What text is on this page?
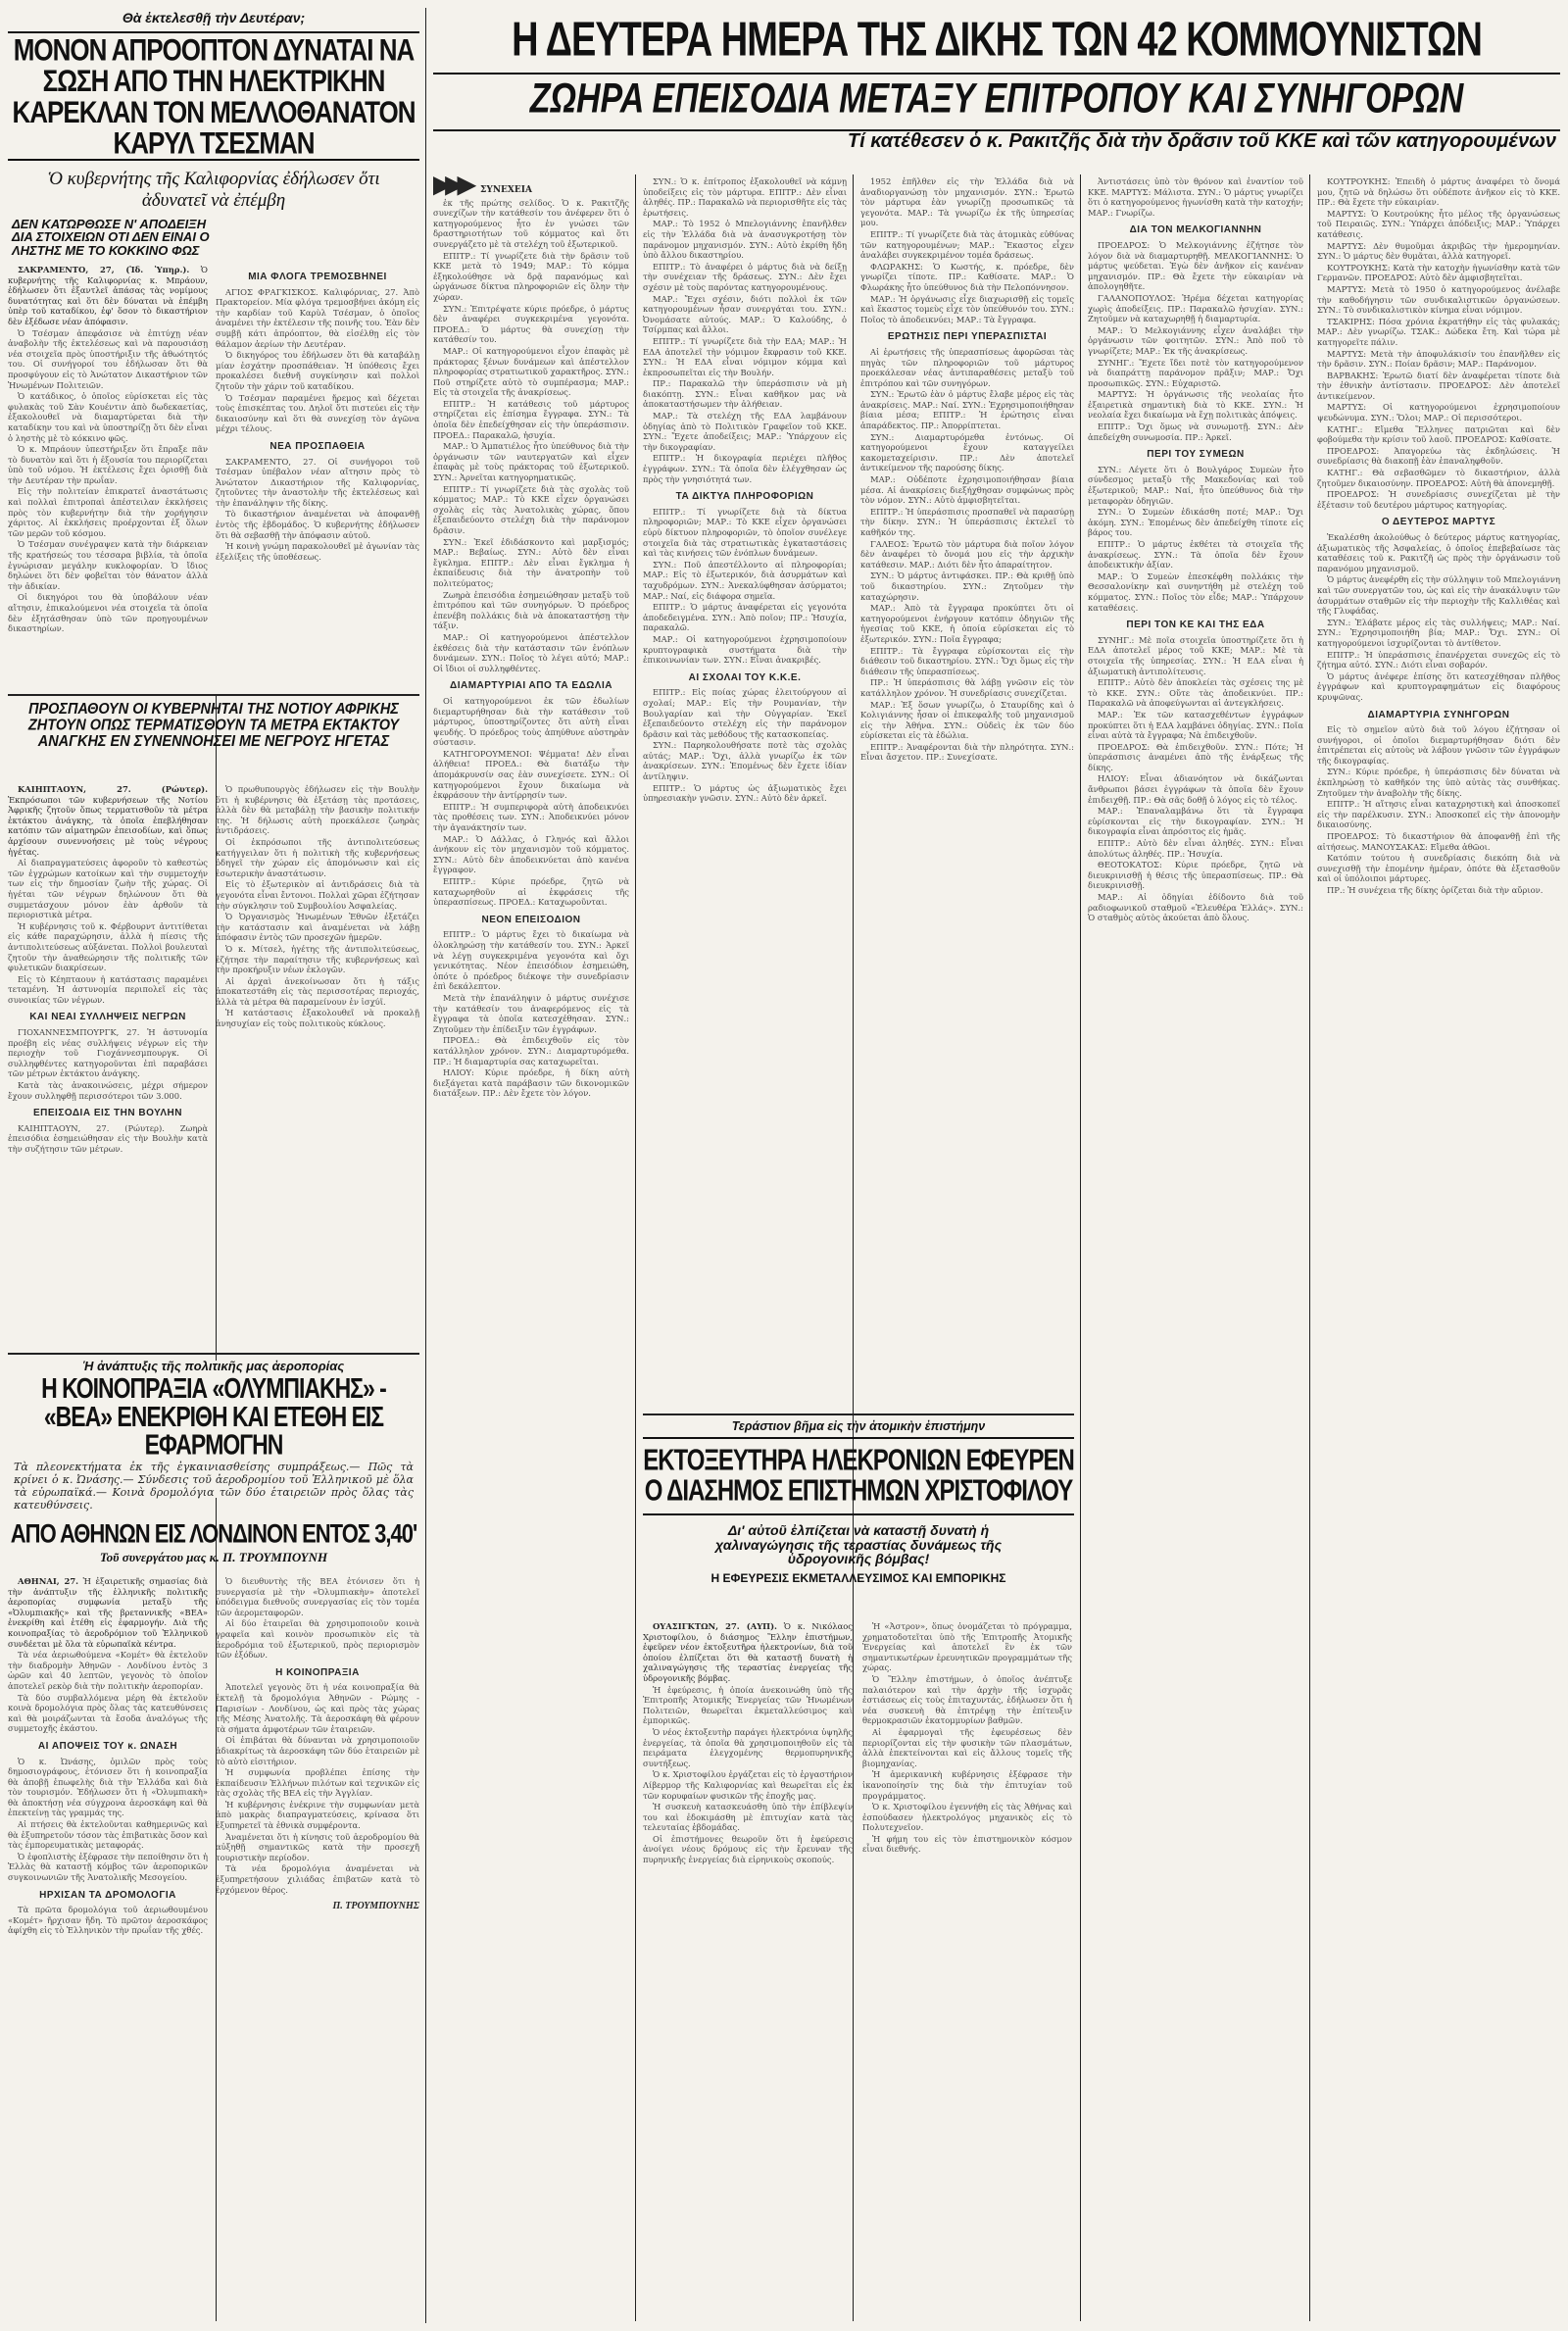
Θὰ ἐκτελεσθῇ τὴν Δευτέραν;
ΜΟΝΟΝ ΑΠΡΟΟΠΤΟΝ ΔΥΝΑΤΑΙ ΝΑ ΣΩΣΗ ΑΠΟ ΤΗΝ ΗΛΕΚΤΡΙΚΗΝ ΚΑΡΕΚΛΑΝ ΤΟΝ ΜΕΛΛΟΘΑΝΑΤΟΝ ΚΑΡΥΛ ΤΣΕΣΜΑΝ
Ὁ κυβερνήτης τῆς Καλιφορνίας ἐδήλωσεν ὅτι ἀδυνατεῖ νὰ ἐπέμβη
ΔΕΝ ΚΑΤΩΡΘΩΣΕ Ν' ΑΠΟΔΕΙΞΗ ΔΙΑ ΣΤΟΙΧΕΙΩΝ ΟΤΙ ΔΕΝ ΕΙΝΑΙ Ο ΛΗΣΤΗΣ ΜΕ ΤΟ ΚΟΚΚΙΝΟ ΦΩΣ

ΣΑΚΡΑΜΕΝΤΟ, 27, (Ἰδ. Ὑπηρ.). Ὁ κυβερνήτης τῆς Καλιφορνίας κ. Μπράουν, ἐδήλωσεν ὅτι ἐξαντλεῖ ἀπάσας τὰς νομίμους δυνατότητας καὶ ὅτι δὲν δύναται νὰ ἐπέμβη ὑπὲρ τοῦ καταδίκου, ἐφ' ὅσον τὸ δικαστήριον δὲν ἐξέδωσε νέαν ἀπόφασιν.

Ὁ Τσέσμαν ἀπεφάσισε νὰ ἐπιτύχῃ νέαν ἀναβολὴν τῆς ἐκτελέσεως καὶ νὰ παρουσιάσῃ νέα στοιχεῖα πρὸς ὑποστήριξιν τῆς ἀθωότητός του. Οἱ συνήγοροί του ἐδήλωσαν ὅτι θὰ προσφύγουν εἰς τὸ Ἀνώτατον Δικαστήριον τῶν Ἡνωμένων Πολιτειῶν.

Ὁ κατάδικος, ὁ ὁποῖος εὑρίσκεται εἰς τὰς φυλακὰς τοῦ Σὰν Κουέντιν ἀπὸ δωδεκαετίας, ἐξακολουθεῖ νὰ διαμαρτύρεται διὰ τὴν καταδίκην του καὶ νὰ ὑποστηρίζῃ ὅτι δὲν εἶναι ὁ ληστὴς μὲ τὸ κόκκινο φῶς.

Ὁ κ. Μπράουν ὑπεστήριξεν ὅτι ἔπραξε πᾶν τὸ δυνατὸν καὶ ὅτι ἡ ἐξουσία του περιορίζεται ὑπὸ τοῦ νόμου. Ἡ ἐκτέλεσις ἔχει ὁρισθῇ διὰ τὴν Δευτέραν τὴν πρωΐαν.

Εἰς τὴν πολιτείαν ἐπικρατεῖ ἀναστάτωσις καὶ πολλαὶ ἐπιτροπαὶ ἀπέστειλαν ἐκκλήσεις πρὸς τὸν κυβερνήτην διὰ τὴν χορήγησιν χάριτος. Αἱ ἐκκλήσεις προέρχονται ἐξ ὅλων τῶν μερῶν τοῦ κόσμου.

Ὁ Τσέσμαν συνέγραψεν κατὰ τὴν διάρκειαν τῆς κρατήσεώς του τέσσαρα βιβλία, τὰ ὁποῖα ἐγνώρισαν μεγάλην κυκλοφορίαν. Ὁ ἴδιος δηλώνει ὅτι δὲν φοβεῖται τὸν θάνατον ἀλλὰ τὴν ἀδικίαν.

Οἱ δικηγόροι του θὰ ὑποβάλουν νέαν αἴτησιν, ἐπικαλούμενοι νέα στοιχεῖα τὰ ὁποῖα δὲν ἐξητάσθησαν ὑπὸ τῶν προηγουμένων δικαστηρίων.

ΜΙΑ ΦΛΟΓΑ ΤΡΕΜΟΣΒΗΝΕΙ

ΑΓΙΟΣ ΦΡΑΓΚΙΣΚΟΣ. Καλιφόρνιας, 27. Ἀπὸ Πρακτορείον. Μία φλόγα τρεμοσβήνει ἀκόμη εἰς τὴν καρδίαν τοῦ Καρὺλ Τσέσμαν, ὁ ὁποῖος ἀναμένει τὴν ἐκτέλεσιν τῆς ποινῆς του. Ἐὰν δὲν συμβῇ κάτι ἀπρόοπτον, θὰ εἰσέλθῃ εἰς τὸν θάλαμον ἀερίων τὴν Δευτέραν.

Ὁ δικηγόρος του ἐδήλωσεν ὅτι θὰ καταβάλῃ μίαν ἐσχάτην προσπάθειαν. Ἡ ὑπόθεσις ἔχει προκαλέσει διεθνῆ συγκίνησιν καὶ πολλοὶ ζητοῦν τὴν χάριν τοῦ καταδίκου.

Ὁ Τσέσμαν παραμένει ἤρεμος καὶ δέχεται τοὺς ἐπισκέπτας του. Δηλοῖ ὅτι πιστεύει εἰς τὴν δικαιοσύνην καὶ ὅτι θὰ συνεχίσῃ τὸν ἀγῶνα μέχρι τέλους.

ΝΕΑ ΠΡΟΣΠΑΘΕΙΑ

ΣΑΚΡΑΜΕΝΤΟ, 27. Οἱ συνήγοροι τοῦ Τσέσμαν ὑπέβαλον νέαν αἴτησιν πρὸς τὸ Ἀνώτατον Δικαστήριον τῆς Καλιφορνίας, ζητοῦντες τὴν ἀναστολὴν τῆς ἐκτελέσεως καὶ τὴν ἐπανάληψιν τῆς δίκης.

Τὸ δικαστήριον ἀναμένεται νὰ ἀποφανθῇ ἐντὸς τῆς ἑβδομάδος. Ὁ κυβερνήτης ἐδήλωσεν ὅτι θὰ σεβασθῇ τὴν ἀπόφασιν αὐτοῦ.

Ἡ κοινὴ γνώμη παρακολουθεῖ μὲ ἀγωνίαν τὰς ἐξελίξεις τῆς ὑποθέσεως.

ΠΡΟΣΠΑΘΟΥΝ ΟΙ ΚΥΒΕΡΝΗΤΑΙ ΤΗΣ ΝΟΤΙΟΥ ΑΦΡΙΚΗΣ ΖΗΤΟΥΝ ΟΠΩΣ ΤΕΡΜΑΤΙΣΘΟΥΝ ΤΑ ΜΕΤΡΑ ΕΚΤΑΚΤΟΥ ΑΝΑΓΚΗΣ ΕΝ ΣΥΝΕΝΝΟΗΣΕΙ ΜΕ ΝΕΓΡΟΥΣ ΗΓΕΤΑΣ

ΚΑΙΗΠΤΑΟΥΝ, 27. (Ρώυτερ). Ἐκπρόσωποι τῶν κυβερνήσεων τῆς Νοτίου Ἀφρικῆς ζητοῦν ὅπως τερματισθοῦν τὰ μέτρα ἐκτάκτου ἀνάγκης, τὰ ὁποῖα ἐπεβλήθησαν κατόπιν τῶν αἱματηρῶν ἐπεισοδίων, καὶ ὅπως ἀρχίσουν συνεννοήσεις μὲ τοὺς νέγρους ἡγέτας.

Αἱ διαπραγματεύσεις ἀφοροῦν τὸ καθεστὼς τῶν ἐγχρώμων κατοίκων καὶ τὴν συμμετοχήν των εἰς τὴν δημοσίαν ζωὴν τῆς χώρας. Οἱ ἡγέται τῶν νέγρων δηλώνουν ὅτι θὰ συμμετάσχουν μόνον ἐὰν ἀρθοῦν τὰ περιοριστικὰ μέτρα.

Ἡ κυβέρνησις τοῦ κ. Φέρβουρντ ἀντιτίθεται εἰς κάθε παραχώρησιν, ἀλλὰ ἡ πίεσις τῆς ἀντιπολιτεύσεως αὐξάνεται. Πολλοὶ βουλευταὶ ζητοῦν τὴν ἀναθεώρησιν τῆς πολιτικῆς τῶν φυλετικῶν διακρίσεων.

Εἰς τὸ Κέηπταουν ἡ κατάστασις παραμένει τεταμένη. Ἡ ἀστυνομία περιπολεῖ εἰς τὰς συνοικίας τῶν νέγρων.

ΚΑΙ ΝΕΑΙ ΣΥΛΛΗΨΕΙΣ ΝΕΓΡΩΝ

ΓΙΟΧΑΝΝΕΣΜΠΟΥΡΓΚ, 27. Ἡ ἀστυνομία προέβη εἰς νέας συλλήψεις νέγρων εἰς τὴν περιοχὴν τοῦ Γιοχάννεσμπουργκ. Οἱ συλληφθέντες κατηγοροῦνται ἐπὶ παραβάσει τῶν μέτρων ἐκτάκτου ἀνάγκης.

Κατὰ τὰς ἀνακοινώσεις, μέχρι σήμερον ἔχουν συλληφθῇ περισσότεροι τῶν 3.000.

ΕΠΕΙΣΟΔΙΑ ΕΙΣ ΤΗΝ ΒΟΥΛΗΝ

ΚΑΙΗΠΤΑΟΥΝ, 27. (Ρώυτερ). Ζωηρὰ ἐπεισόδια ἐσημειώθησαν εἰς τὴν Βουλὴν κατὰ τὴν συζήτησιν τῶν μέτρων.

Ὁ πρωθυπουργὸς ἐδήλωσεν εἰς τὴν Βουλὴν ὅτι ἡ κυβέρνησις θὰ ἐξετάσῃ τὰς προτάσεις, ἀλλὰ δὲν θὰ μεταβάλῃ τὴν βασικὴν πολιτικήν της. Ἡ δήλωσις αὐτὴ προεκάλεσε ζωηρὰς ἀντιδράσεις.

Οἱ ἐκπρόσωποι τῆς ἀντιπολιτεύσεως κατήγγειλαν ὅτι ἡ πολιτικὴ τῆς κυβερνήσεως ὁδηγεῖ τὴν χώραν εἰς ἀπομόνωσιν καὶ εἰς ἐσωτερικὴν ἀναστάτωσιν.

Εἰς τὸ ἐξωτερικὸν αἱ ἀντιδράσεις διὰ τὰ γεγονότα εἶναι ἔντονοι. Πολλαὶ χῶραι ἐζήτησαν τὴν σύγκλησιν τοῦ Συμβουλίου Ἀσφαλείας.

Ὁ Ὀργανισμὸς Ἡνωμένων Ἐθνῶν ἐξετάζει τὴν κατάστασιν καὶ ἀναμένεται νὰ λάβῃ ἀπόφασιν ἐντὸς τῶν προσεχῶν ἡμερῶν.

Ὁ κ. Μίτσελ, ἡγέτης τῆς ἀντιπολιτεύσεως, ἐζήτησε τὴν παραίτησιν τῆς κυβερνήσεως καὶ τὴν προκήρυξιν νέων ἐκλογῶν.

Αἱ ἀρχαὶ ἀνεκοίνωσαν ὅτι ἡ τάξις ἀποκατεστάθη εἰς τὰς περισσοτέρας περιοχάς, ἀλλὰ τὰ μέτρα θὰ παραμείνουν ἐν ἰσχύϊ.

Ἡ κατάστασις ἐξακολουθεῖ νὰ προκαλῇ ἀνησυχίαν εἰς τοὺς πολιτικοὺς κύκλους.

Ἡ ἀνάπτυξις τῆς πολιτικῆς μας ἀεροπορίας
Η ΚΟΙΝΟΠΡΑΞΙΑ «ΟΛΥΜΠΙΑΚΗΣ» - «ΒΕΑ» ΕΝΕΚΡΙΘΗ ΚΑΙ ΕΤΕΘΗ ΕΙΣ ΕΦΑΡΜΟΓΗΝ
Τὰ πλεονεκτήματα ἐκ τῆς ἐγκαινιασθείσης συμπράξεως.— Πῶς τὰ κρίνει ὁ κ. Ὠνάσης.— Σύνδεσις τοῦ ἀεροδρομίου τοῦ Ἑλληνικοῦ μὲ ὅλα τὰ εὐρωπαϊκά.— Κοινὰ δρομολόγια τῶν δύο ἑταιρειῶν πρὸς ὅλας τὰς κατευθύνσεις.
ΑΠΟ ΑΘΗΝΩΝ ΕΙΣ ΛΟΝΔΙΝΟΝ ΕΝΤΟΣ 3,40'
Τοῦ συνεργάτου μας κ. Π. ΤΡΟΥΜΠΟΥΝΗ

ΑΘΗΝΑΙ, 27. Ἡ ἐξαιρετικῆς σημασίας διὰ τὴν ἀνάπτυξιν τῆς ἑλληνικῆς πολιτικῆς ἀεροπορίας συμφωνία μεταξὺ τῆς «Ὀλυμπιακῆς» καὶ τῆς βρεταννικῆς «ΒΕΑ» ἐνεκρίθη καὶ ἐτέθη εἰς ἐφαρμογήν. Διὰ τῆς κοινοπραξίας τὸ ἀεροδρόμιον τοῦ Ἑλληνικοῦ συνδέεται μὲ ὅλα τὰ εὐρωπαϊκὰ κέντρα.

Τὰ νέα ἀεριωθούμενα «Κομέτ» θὰ ἐκτελοῦν τὴν διαδρομὴν Ἀθηνῶν - Λονδίνου ἐντὸς 3 ὡρῶν καὶ 40 λεπτῶν, γεγονὸς τὸ ὁποῖον ἀποτελεῖ ρεκὸρ διὰ τὴν πολιτικὴν ἀεροπορίαν.

Τὰ δύο συμβαλλόμενα μέρη θὰ ἐκτελοῦν κοινὰ δρομολόγια πρὸς ὅλας τὰς κατευθύνσεις καὶ θὰ μοιράζωνται τὰ ἔσοδα ἀναλόγως τῆς συμμετοχῆς ἑκάστου.

ΑΙ ΑΠΟΨΕΙΣ ΤΟΥ κ. ΩΝΑΣΗ

Ὁ κ. Ὠνάσης, ὁμιλῶν πρὸς τοὺς δημοσιογράφους, ἐτόνισεν ὅτι ἡ κοινοπραξία θὰ ἀποβῇ ἐπωφελὴς διὰ τὴν Ἑλλάδα καὶ διὰ τὸν τουρισμόν. Ἐδήλωσεν ὅτι ἡ «Ὀλυμπιακὴ» θὰ ἀποκτήσῃ νέα σύγχρονα ἀεροσκάφη καὶ θὰ ἐπεκτείνῃ τὰς γραμμάς της.

Αἱ πτήσεις θὰ ἐκτελοῦνται καθημερινῶς καὶ θὰ ἐξυπηρετοῦν τόσον τὰς ἐπιβατικὰς ὅσον καὶ τὰς ἐμπορευματικὰς μεταφοράς.

Ὁ ἐφοπλιστὴς ἐξέφρασε τὴν πεποίθησιν ὅτι ἡ Ἑλλὰς θὰ καταστῇ κόμβος τῶν ἀεροπορικῶν συγκοινωνιῶν τῆς Ἀνατολικῆς Μεσογείου.

ΗΡΧΙΣΑΝ ΤΑ ΔΡΟΜΟΛΟΓΙΑ

Τὰ πρῶτα δρομολόγια τοῦ ἀεριωθουμένου «Κομέτ» ἤρχισαν ἤδη. Τὸ πρῶτον ἀεροσκάφος ἀφίχθη εἰς τὸ Ἑλληνικὸν τὴν πρωΐαν τῆς χθές.

Ὁ διευθυντὴς τῆς ΒΕΑ ἐτόνισεν ὅτι ἡ συνεργασία μὲ τὴν «Ὀλυμπιακὴν» ἀποτελεῖ ὑπόδειγμα διεθνοῦς συνεργασίας εἰς τὸν τομέα τῶν ἀερομεταφορῶν.

Αἱ δύο ἑταιρεῖαι θὰ χρησιμοποιοῦν κοινὰ γραφεῖα καὶ κοινὸν προσωπικὸν εἰς τὰ ἀεροδρόμια τοῦ ἐξωτερικοῦ, πρὸς περιορισμὸν τῶν ἐξόδων.

Η ΚΟΙΝΟΠΡΑΞΙΑ

Ἀποτελεῖ γεγονὸς ὅτι ἡ νέα κοινοπραξία θὰ ἐκτελῇ τὰ δρομολόγια Ἀθηνῶν - Ρώμης - Παρισίων - Λονδίνου, ὡς καὶ πρὸς τὰς χώρας τῆς Μέσης Ἀνατολῆς. Τὰ ἀεροσκάφη θὰ φέρουν τὰ σήματα ἀμφοτέρων τῶν ἑταιρειῶν.

Οἱ ἐπιβάται θὰ δύνανται νὰ χρησιμοποιοῦν ἀδιακρίτως τὰ ἀεροσκάφη τῶν δύο ἑταιρειῶν μὲ τὸ αὐτὸ εἰσιτήριον.

Ἡ συμφωνία προβλέπει ἐπίσης τὴν ἐκπαίδευσιν Ἑλλήνων πιλότων καὶ τεχνικῶν εἰς τὰς σχολὰς τῆς ΒΕΑ εἰς τὴν Ἀγγλίαν.

Ἡ κυβέρνησις ἐνέκρινε τὴν συμφωνίαν μετὰ ἀπὸ μακρὰς διαπραγματεύσεις, κρίνασα ὅτι ἐξυπηρετεῖ τὰ ἐθνικὰ συμφέροντα.

Ἀναμένεται ὅτι ἡ κίνησις τοῦ ἀεροδρομίου θὰ αὐξηθῇ σημαντικῶς κατὰ τὴν προσεχῆ τουριστικὴν περίοδον.

Τὰ νέα δρομολόγια ἀναμένεται νὰ ἐξυπηρετήσουν χιλιάδας ἐπιβατῶν κατὰ τὸ ἐρχόμενον θέρος.

Π. ΤΡΟΥΜΠΟΥΝΗΣ
Η ΔΕΥΤΕΡΑ ΗΜΕΡΑ ΤΗΣ ΔΙΚΗΣ ΤΩΝ 42 ΚΟΜΜΟΥΝΙΣΤΩΝ
ΖΩΗΡΑ ΕΠΕΙΣΟΔΙΑ ΜΕΤΑΞΥ ΕΠΙΤΡΟΠΟΥ ΚΑΙ ΣΥΝΗΓΟΡΩΝ
Τί κατέθεσεν ὁ κ. Ρακιτζῆς διὰ τὴν δρᾶσιν τοῦ ΚΚΕ καὶ τῶν κατηγορουμένων
▶▶▶ ΣΥΝΕΧΕΙΑ

ἐκ τῆς πρώτης σελίδος. Ὁ κ. Ρακιτζῆς συνεχίζων τὴν κατάθεσίν του ἀνέφερεν ὅτι ὁ κατηγορούμενος ἦτο ἐν γνώσει τῶν δραστηριοτήτων τοῦ κόμματος καὶ ὅτι συνεργάζετο μὲ τὰ στελέχη τοῦ ἐξωτερικοῦ.

ΕΠΙΤΡ.: Τί γνωρίζετε διὰ τὴν δρᾶσιν τοῦ ΚΚΕ μετὰ τὸ 1949; ΜΑΡ.: Τὸ κόμμα ἐξηκολούθησε νὰ δρᾷ παρανόμως καὶ ὠργάνωσε δίκτυα πληροφοριῶν εἰς ὅλην τὴν χώραν.

ΣΥΝ.: Ἐπιτρέψατε κύριε πρόεδρε, ὁ μάρτυς δὲν ἀναφέρει συγκεκριμένα γεγονότα. ΠΡΟΕΔ.: Ὁ μάρτυς θὰ συνεχίσῃ τὴν κατάθεσίν του.

ΜΑΡ.: Οἱ κατηγορούμενοι εἶχον ἐπαφὰς μὲ πράκτορας ξένων δυνάμεων καὶ ἀπέστελλον πληροφορίας στρατιωτικοῦ χαρακτῆρος. ΣΥΝ.: Ποῦ στηρίζετε αὐτὸ τὸ συμπέρασμα; ΜΑΡ.: Εἰς τὰ στοιχεῖα τῆς ἀνακρίσεως.

ΕΠΙΤΡ.: Ἡ κατάθεσις τοῦ μάρτυρος στηρίζεται εἰς ἐπίσημα ἔγγραφα. ΣΥΝ.: Τὰ ὁποῖα δὲν ἐπεδείχθησαν εἰς τὴν ὑπεράσπισιν. ΠΡΟΕΔ.: Παρακαλῶ, ἡσυχία.

ΜΑΡ.: Ὁ Ἀμπατιέλος ἦτο ὑπεύθυνος διὰ τὴν ὀργάνωσιν τῶν ναυτεργατῶν καὶ εἶχεν ἐπαφὰς μὲ τοὺς πράκτορας τοῦ ἐξωτερικοῦ. ΣΥΝ.: Ἀρνεῖται κατηγορηματικῶς.

ΕΠΙΤΡ.: Τί γνωρίζετε διὰ τὰς σχολὰς τοῦ κόμματος; ΜΑΡ.: Τὸ ΚΚΕ εἶχεν ὀργανώσει σχολὰς εἰς τὰς Ἀνατολικὰς χώρας, ὅπου ἐξεπαιδεύοντο στελέχη διὰ τὴν παράνομον δρᾶσιν.

ΣΥΝ.: Ἐκεῖ ἐδιδάσκοντο καὶ μαρξισμός; ΜΑΡ.: Βεβαίως. ΣΥΝ.: Αὐτὸ δὲν εἶναι ἔγκλημα. ΕΠΙΤΡ.: Δὲν εἶναι ἔγκλημα ἡ ἐκπαίδευσις διὰ τὴν ἀνατροπὴν τοῦ πολιτεύματος;

Ζωηρὰ ἐπεισόδια ἐσημειώθησαν μεταξὺ τοῦ ἐπιτρόπου καὶ τῶν συνηγόρων. Ὁ πρόεδρος ἐπενέβη πολλάκις διὰ νὰ ἀποκαταστήσῃ τὴν τάξιν.

ΜΑΡ.: Οἱ κατηγορούμενοι ἀπέστελλον ἐκθέσεις διὰ τὴν κατάστασιν τῶν ἐνόπλων δυνάμεων. ΣΥΝ.: Ποῖος τὸ λέγει αὐτό; ΜΑΡ.: Οἱ ἴδιοι οἱ συλληφθέντες.

ΔΙΑΜΑΡΤΥΡΙΑΙ ΑΠΟ ΤΑ ΕΔΩΛΙΑ

Οἱ κατηγορούμενοι ἐκ τῶν ἑδωλίων διεμαρτυρήθησαν διὰ τὴν κατάθεσιν τοῦ μάρτυρος, ὑποστηρίζοντες ὅτι αὐτὴ εἶναι ψευδής. Ὁ πρόεδρος τοὺς ἀπηύθυνε αὐστηρὰν σύστασιν.

ΚΑΤΗΓΟΡΟΥΜΕΝΟΙ: Ψέμματα! Δὲν εἶναι ἀλήθεια! ΠΡΟΕΔ.: Θὰ διατάξω τὴν ἀπομάκρυνσίν σας ἐὰν συνεχίσετε. ΣΥΝ.: Οἱ κατηγορούμενοι ἔχουν δικαίωμα νὰ ἐκφράσουν τὴν ἀντίρρησίν των.

ΕΠΙΤΡ.: Ἡ συμπεριφορὰ αὐτὴ ἀποδεικνύει τὰς προθέσεις των. ΣΥΝ.: Ἀποδεικνύει μόνον τὴν ἀγανάκτησίν των.

ΜΑΡ.: Ὁ Δάλλας, ὁ Γληνός καὶ ἄλλοι ἀνήκουν εἰς τὸν μηχανισμὸν τοῦ κόμματος. ΣΥΝ.: Αὐτὸ δὲν ἀποδεικνύεται ἀπὸ κανένα ἔγγραφον.

ΕΠΙΤΡ.: Κύριε πρόεδρε, ζητῶ νὰ καταχωρηθοῦν αἱ ἐκφράσεις τῆς ὑπερασπίσεως. ΠΡΟΕΔ.: Καταχωροῦνται.

ΝΕΟΝ ΕΠΕΙΣΟΔΙΟΝ

ΕΠΙΤΡ.: Ὁ μάρτυς ἔχει τὸ δικαίωμα νὰ ὁλοκληρώσῃ τὴν κατάθεσίν του. ΣΥΝ.: Ἀρκεῖ νὰ λέγῃ συγκεκριμένα γεγονότα καὶ ὄχι γενικότητας. Νέον ἐπεισόδιον ἐσημειώθη, ὁπότε ὁ πρόεδρος διέκοψε τὴν συνεδρίασιν ἐπὶ δεκάλεπτον.

Μετὰ τὴν ἐπανάληψιν ὁ μάρτυς συνέχισε τὴν κατάθεσίν του ἀναφερόμενος εἰς τὰ ἔγγραφα τὰ ὁποῖα κατεσχέθησαν. ΣΥΝ.: Ζητοῦμεν τὴν ἐπίδειξιν τῶν ἐγγράφων.

ΠΡΟΕΔ.: Θὰ ἐπιδειχθοῦν εἰς τὸν κατάλληλον χρόνον. ΣΥΝ.: Διαμαρτυρόμεθα. ΠΡ.: Ἡ διαμαρτυρία σας καταχωρεῖται.

ΗΛΙΟΥ: Κύριε πρόεδρε, ἡ δίκη αὐτὴ διεξάγεται κατὰ παράβασιν τῶν δικονομικῶν διατάξεων. ΠΡ.: Δὲν ἔχετε τὸν λόγον.

ΣΥΝ.: Ὁ κ. ἐπίτροπος ἐξακολουθεῖ νὰ κάμνῃ ὑποδείξεις εἰς τὸν μάρτυρα. ΕΠΙΤΡ.: Δὲν εἶναι ἀληθές. ΠΡ.: Παρακαλῶ νὰ περιορισθῆτε εἰς τὰς ἐρωτήσεις.

ΜΑΡ.: Τὸ 1952 ὁ Μπελογιάννης ἐπανῆλθεν εἰς τὴν Ἑλλάδα διὰ νὰ ἀνασυγκροτήσῃ τὸν παράνομον μηχανισμόν. ΣΥΝ.: Αὐτὸ ἐκρίθη ἤδη ὑπὸ ἄλλου δικαστηρίου.

ΕΠΙΤΡ.: Τὸ ἀναφέρει ὁ μάρτυς διὰ νὰ δείξῃ τὴν συνέχειαν τῆς δράσεως. ΣΥΝ.: Δὲν ἔχει σχέσιν μὲ τοὺς παρόντας κατηγορουμένους.

ΜΑΡ.: Ἔχει σχέσιν, διότι πολλοὶ ἐκ τῶν κατηγορουμένων ἦσαν συνεργάται του. ΣΥΝ.: Ὀνομάσατε αὐτούς. ΜΑΡ.: Ὁ Καλούδης, ὁ Τσίρμπας καὶ ἄλλοι.

ΕΠΙΤΡ.: Τί γνωρίζετε διὰ τὴν ΕΔΑ; ΜΑΡ.: Ἡ ΕΔΑ ἀποτελεῖ τὴν νόμιμον ἔκφρασιν τοῦ ΚΚΕ. ΣΥΝ.: Ἡ ΕΔΑ εἶναι νόμιμον κόμμα καὶ ἐκπροσωπεῖται εἰς τὴν Βουλήν.

ΠΡ.: Παρακαλῶ τὴν ὑπεράσπισιν νὰ μὴ διακόπτῃ. ΣΥΝ.: Εἶναι καθῆκον μας νὰ ἀποκαταστήσωμεν τὴν ἀλήθειαν.

ΜΑΡ.: Τὰ στελέχη τῆς ΕΔΑ λαμβάνουν ὁδηγίας ἀπὸ τὸ Πολιτικὸν Γραφεῖον τοῦ ΚΚΕ. ΣΥΝ.: Ἔχετε ἀποδείξεις; ΜΑΡ.: Ὑπάρχουν εἰς τὴν δικογραφίαν.

ΕΠΙΤΡ.: Ἡ δικογραφία περιέχει πλῆθος ἐγγράφων. ΣΥΝ.: Τὰ ὁποῖα δὲν ἐλέγχθησαν ὡς πρὸς τὴν γνησιότητά των.

ΤΑ ΔΙΚΤΥΑ ΠΛΗΡΟΦΟΡΙΩΝ

ΕΠΙΤΡ.: Τί γνωρίζετε διὰ τὰ δίκτυα πληροφοριῶν; ΜΑΡ.: Τὸ ΚΚΕ εἶχεν ὀργανώσει εὐρὺ δίκτυον πληροφοριῶν, τὸ ὁποῖον συνέλεγε στοιχεῖα διὰ τὰς στρατιωτικὰς ἐγκαταστάσεις καὶ τὰς κινήσεις τῶν ἐνόπλων δυνάμεων.

ΣΥΝ.: Ποῦ ἀπεστέλλοντο αἱ πληροφορίαι; ΜΑΡ.: Εἰς τὸ ἐξωτερικόν, διὰ ἀσυρμάτων καὶ ταχυδρόμων. ΣΥΝ.: Ἀνεκαλύφθησαν ἀσύρματοι; ΜΑΡ.: Ναί, εἰς διάφορα σημεῖα.

ΕΠΙΤΡ.: Ὁ μάρτυς ἀναφέρεται εἰς γεγονότα ἀποδεδειγμένα. ΣΥΝ.: Ἀπὸ ποῖον; ΠΡ.: Ἡσυχία, παρακαλῶ.

ΜΑΡ.: Οἱ κατηγορούμενοι ἐχρησιμοποίουν κρυπτογραφικὰ συστήματα διὰ τὴν ἐπικοινωνίαν των. ΣΥΝ.: Εἶναι ἀνακριβές.

ΑΙ ΣΧΟΛΑΙ ΤΟΥ Κ.Κ.Ε.

ΕΠΙΤΡ.: Εἰς ποίας χώρας ἐλειτούργουν αἱ σχολαί; ΜΑΡ.: Εἰς τὴν Ρουμανίαν, τὴν Βουλγαρίαν καὶ τὴν Οὐγγαρίαν. Ἐκεῖ ἐξεπαιδεύοντο στελέχη εἰς τὴν παράνομον δρᾶσιν καὶ τὰς μεθόδους τῆς κατασκοπείας.

ΣΥΝ.: Παρηκολουθήσατε ποτὲ τὰς σχολὰς αὐτάς; ΜΑΡ.: Ὄχι, ἀλλὰ γνωρίζω ἐκ τῶν ἀνακρίσεων. ΣΥΝ.: Ἑπομένως δὲν ἔχετε ἰδίαν ἀντίληψιν.

ΕΠΙΤΡ.: Ὁ μάρτυς ὡς ἀξιωματικὸς ἔχει ὑπηρεσιακὴν γνῶσιν. ΣΥΝ.: Αὐτὸ δὲν ἀρκεῖ.

1952 ἐπῆλθεν εἰς τὴν Ἑλλάδα διὰ νὰ ἀναδιοργανώσῃ τὸν μηχανισμόν. ΣΥΝ.: Ἐρωτῶ τὸν μάρτυρα ἐὰν γνωρίζῃ προσωπικῶς τὰ γεγονότα. ΜΑΡ.: Τὰ γνωρίζω ἐκ τῆς ὑπηρεσίας μου.

ΕΠΙΤΡ.: Τί γνωρίζετε διὰ τὰς ἀτομικὰς εὐθύνας τῶν κατηγορουμένων; ΜΑΡ.: Ἕκαστος εἶχεν ἀναλάβει συγκεκριμένον τομέα δράσεως.

ΦΛΩΡΑΚΗΣ: Ὁ Κωστής, κ. πρόεδρε, δὲν γνωρίζει τίποτε. ΠΡ.: Καθίσατε. ΜΑΡ.: Ὁ Φλωράκης ἦτο ὑπεύθυνος διὰ τὴν Πελοπόννησον.

ΜΑΡ.: Ἡ ὀργάνωσις εἶχε διαχωρισθῇ εἰς τομεῖς καὶ ἕκαστος τομεὺς εἶχε τὸν ὑπεύθυνόν του. ΣΥΝ.: Ποῖος τὸ ἀποδεικνύει; ΜΑΡ.: Τὰ ἔγγραφα.

ΕΡΩΤΗΣΙΣ ΠΕΡΙ ΥΠΕΡΑΣΠΙΣΤΑΙ

Αἱ ἐρωτήσεις τῆς ὑπερασπίσεως ἀφορῶσαι τὰς πηγὰς τῶν πληροφοριῶν τοῦ μάρτυρος προεκάλεσαν νέας ἀντιπαραθέσεις μεταξὺ τοῦ ἐπιτρόπου καὶ τῶν συνηγόρων.

ΣΥΝ.: Ἐρωτῶ ἐὰν ὁ μάρτυς ἔλαβε μέρος εἰς τὰς ἀνακρίσεις. ΜΑΡ.: Ναί. ΣΥΝ.: Ἐχρησιμοποιήθησαν βίαια μέσα; ΕΠΙΤΡ.: Ἡ ἐρώτησις εἶναι ἀπαράδεκτος. ΠΡ.: Ἀπορρίπτεται.

ΣΥΝ.: Διαμαρτυρόμεθα ἐντόνως. Οἱ κατηγορούμενοι ἔχουν καταγγείλει κακομεταχείρισιν. ΠΡ.: Δὲν ἀποτελεῖ ἀντικείμενον τῆς παρούσης δίκης.

ΜΑΡ.: Οὐδέποτε ἐχρησιμοποιήθησαν βίαια μέσα. Αἱ ἀνακρίσεις διεξήχθησαν συμφώνως πρὸς τὸν νόμον. ΣΥΝ.: Αὐτὸ ἀμφισβητεῖται.

ΕΠΙΤΡ.: Ἡ ὑπεράσπισις προσπαθεῖ νὰ παρασύρῃ τὴν δίκην. ΣΥΝ.: Ἡ ὑπεράσπισις ἐκτελεῖ τὸ καθῆκόν της.

ΓΑΛΕΟΣ: Ἐρωτῶ τὸν μάρτυρα διὰ ποῖον λόγον δὲν ἀναφέρει τὸ ὄνομά μου εἰς τὴν ἀρχικὴν κατάθεσιν. ΜΑΡ.: Διότι δὲν ἦτο ἀπαραίτητον.

ΣΥΝ.: Ὁ μάρτυς ἀντιφάσκει. ΠΡ.: Θὰ κριθῇ ὑπὸ τοῦ δικαστηρίου. ΣΥΝ.: Ζητοῦμεν τὴν καταχώρησιν.

ΜΑΡ.: Ἀπὸ τὰ ἔγγραφα προκύπτει ὅτι οἱ κατηγορούμενοι ἐνήργουν κατόπιν ὁδηγιῶν τῆς ἡγεσίας τοῦ ΚΚΕ, ἡ ὁποία εὑρίσκεται εἰς τὸ ἐξωτερικόν. ΣΥΝ.: Ποῖα ἔγγραφα;

ΕΠΙΤΡ.: Τὰ ἔγγραφα εὑρίσκονται εἰς τὴν διάθεσιν τοῦ δικαστηρίου. ΣΥΝ.: Ὄχι ὅμως εἰς τὴν διάθεσιν τῆς ὑπερασπίσεως.

ΠΡ.: Ἡ ὑπεράσπισις θὰ λάβῃ γνῶσιν εἰς τὸν κατάλληλον χρόνον. Ἡ συνεδρίασις συνεχίζεται.

ΜΑΡ.: Ἐξ ὅσων γνωρίζω, ὁ Σταυρίδης καὶ ὁ Κολιγιάννης ἦσαν οἱ ἐπικεφαλῆς τοῦ μηχανισμοῦ εἰς τὴν Ἀθήνα. ΣΥΝ.: Οὐδεὶς ἐκ τῶν δύο εὑρίσκεται εἰς τὰ ἑδώλια.

ΕΠΙΤΡ.: Ἀναφέρονται διὰ τὴν πληρότητα. ΣΥΝ.: Εἶναι ἄσχετον. ΠΡ.: Συνεχίσατε.

Τεράστιον βῆμα εἰς τὴν ἀτομικὴν ἐπιστήμην
ΕΚΤΟΞΕΥΤΗΡΑ ΗΛΕΚΡΟΝΙΩΝ ΕΦΕΥΡΕΝ Ο ΔΙΑΣΗΜΟΣ ΕΠΙΣΤΗΜΩΝ ΧΡΙΣΤΟΦΙΛΟΥ
Δι' αὐτοῦ ἐλπίζεται νὰ καταστῇ δυνατὴ ἡ χαλιναγώγησις τῆς τεραστίας δυνάμεως τῆς ὑδρογονικῆς βόμβας!
Η ΕΦΕΥΡΕΣΙΣ ΕΚΜΕΤΑΛΛΕΥΣΙΜΟΣ ΚΑΙ ΕΜΠΟΡΙΚΗΣ

ΟΥΑΣΙΓΚΤΩΝ, 27. (ΑΥΠ). Ὁ κ. Νικόλαος Χριστοφίλου, ὁ διάσημος Ἕλλην ἐπιστήμων, ἐφεῦρεν νέον ἐκτοξευτῆρα ἠλεκτρονίων, διὰ τοῦ ὁποίου ἐλπίζεται ὅτι θὰ καταστῇ δυνατὴ ἡ χαλιναγώγησις τῆς τεραστίας ἐνεργείας τῆς ὑδρογονικῆς βόμβας.

Ἡ ἐφεύρεσις, ἡ ὁποία ἀνεκοινώθη ὑπὸ τῆς Ἐπιτροπῆς Ἀτομικῆς Ἐνεργείας τῶν Ἡνωμένων Πολιτειῶν, θεωρεῖται ἐκμεταλλεύσιμος καὶ ἐμπορικῶς.

Ὁ νέος ἐκτοξευτὴρ παράγει ἠλεκτρόνια ὑψηλῆς ἐνεργείας, τὰ ὁποῖα θὰ χρησιμοποιηθοῦν εἰς τὰ πειράματα ἐλεγχομένης θερμοπυρηνικῆς συντήξεως.

Ὁ κ. Χριστοφίλου ἐργάζεται εἰς τὸ ἐργαστήριον Λίβερμορ τῆς Καλιφορνίας καὶ θεωρεῖται εἷς ἐκ τῶν κορυφαίων φυσικῶν τῆς ἐποχῆς μας.

Ἡ συσκευὴ κατασκευάσθη ὑπὸ τὴν ἐπίβλεψίν του καὶ ἐδοκιμάσθη μὲ ἐπιτυχίαν κατὰ τὰς τελευταίας ἑβδομάδας.

Οἱ ἐπιστήμονες θεωροῦν ὅτι ἡ ἐφεύρεσις ἀνοίγει νέους δρόμους εἰς τὴν ἔρευναν τῆς πυρηνικῆς ἐνεργείας διὰ εἰρηνικοὺς σκοπούς.

Ἡ «Ἀστρον», ὅπως ὀνομάζεται τὸ πρόγραμμα, χρηματοδοτεῖται ὑπὸ τῆς Ἐπιτροπῆς Ἀτομικῆς Ἐνεργείας καὶ ἀποτελεῖ ἓν ἐκ τῶν σημαντικωτέρων ἐρευνητικῶν προγραμμάτων τῆς χώρας.

Ὁ Ἕλλην ἐπιστήμων, ὁ ὁποῖος ἀνέπτυξε παλαιότερον καὶ τὴν ἀρχὴν τῆς ἰσχυρᾶς ἐστιάσεως εἰς τοὺς ἐπιταχυντάς, ἐδήλωσεν ὅτι ἡ νέα συσκευὴ θὰ ἐπιτρέψῃ τὴν ἐπίτευξιν θερμοκρασιῶν ἑκατομμυρίων βαθμῶν.

Αἱ ἐφαρμογαὶ τῆς ἐφευρέσεως δὲν περιορίζονται εἰς τὴν φυσικὴν τῶν πλασμάτων, ἀλλὰ ἐπεκτείνονται καὶ εἰς ἄλλους τομεῖς τῆς βιομηχανίας.

Ἡ ἀμερικανικὴ κυβέρνησις ἐξέφρασε τὴν ἱκανοποίησίν της διὰ τὴν ἐπιτυχίαν τοῦ προγράμματος.

Ὁ κ. Χριστοφίλου ἐγεννήθη εἰς τὰς Ἀθήνας καὶ ἐσπούδασεν ἠλεκτρολόγος μηχανικὸς εἰς τὸ Πολυτεχνεῖον.

Ἡ φήμη του εἰς τὸν ἐπιστημονικὸν κόσμον εἶναι διεθνής.

Ἀντιστάσεις ὑπὸ τὸν θρόνον καὶ ἐναντίον τοῦ ΚΚΕ. ΜΑΡΤΥΣ: Μάλιστα. ΣΥΝ.: Ὁ μάρτυς γνωρίζει ὅτι ὁ κατηγορούμενος ἠγωνίσθη κατὰ τὴν κατοχήν; ΜΑΡ.: Γνωρίζω.

ΔΙΑ ΤΟΝ ΜΕΛΚΟΓΙΑΝΝΗΝ

ΠΡΟΕΔΡΟΣ: Ὁ Μελκογιάννης ἐζήτησε τὸν λόγον διὰ νὰ διαμαρτυρηθῇ. ΜΕΛΚΟΓΙΑΝΝΗΣ: Ὁ μάρτυς ψεύδεται. Ἐγὼ δὲν ἀνῆκον εἰς κανέναν μηχανισμόν. ΠΡ.: Θὰ ἔχετε τὴν εὐκαιρίαν νὰ ἀπολογηθῆτε.

ΓΑΛΑΝΟΠΟΥΛΟΣ: Ἠρέμα δέχεται κατηγορίας χωρὶς ἀποδείξεις. ΠΡ.: Παρακαλῶ ἡσυχίαν. ΣΥΝ.: Ζητοῦμεν νὰ καταχωρηθῇ ἡ διαμαρτυρία.

ΜΑΡ.: Ὁ Μελκογιάννης εἶχεν ἀναλάβει τὴν ὀργάνωσιν τῶν φοιτητῶν. ΣΥΝ.: Ἀπὸ ποῦ τὸ γνωρίζετε; ΜΑΡ.: Ἐκ τῆς ἀνακρίσεως.

ΣΥΝΗΓ.: Ἔχετε ἴδει ποτὲ τὸν κατηγορούμενον νὰ διαπράττῃ παράνομον πρᾶξιν; ΜΑΡ.: Ὄχι προσωπικῶς. ΣΥΝ.: Εὐχαριστῶ.

ΜΑΡΤΥΣ: Ἡ ὀργάνωσις τῆς νεολαίας ἦτο ἐξαιρετικὰ σημαντικὴ διὰ τὸ ΚΚΕ. ΣΥΝ.: Ἡ νεολαία ἔχει δικαίωμα νὰ ἔχῃ πολιτικὰς ἀπόψεις.

ΕΠΙΤΡ.: Ὄχι ὅμως νὰ συνωμοτῇ. ΣΥΝ.: Δὲν ἀπεδείχθη συνωμοσία. ΠΡ.: Ἀρκεῖ.

ΠΕΡΙ ΤΟΥ ΣΥΜΕΩΝ

ΣΥΝ.: Λέγετε ὅτι ὁ Βουλγάρος Συμεὼν ἦτο σύνδεσμος μεταξὺ τῆς Μακεδονίας καὶ τοῦ ἐξωτερικοῦ; ΜΑΡ.: Ναί, ἦτο ὑπεύθυνος διὰ τὴν μεταφορὰν ὁδηγιῶν.

ΣΥΝ.: Ὁ Συμεὼν ἐδικάσθη ποτέ; ΜΑΡ.: Ὄχι ἀκόμη. ΣΥΝ.: Ἑπομένως δὲν ἀπεδείχθη τίποτε εἰς βάρος του.

ΕΠΙΤΡ.: Ὁ μάρτυς ἐκθέτει τὰ στοιχεῖα τῆς ἀνακρίσεως. ΣΥΝ.: Τὰ ὁποῖα δὲν ἔχουν ἀποδεικτικὴν ἀξίαν.

ΜΑΡ.: Ὁ Συμεὼν ἐπεσκέφθη πολλάκις τὴν Θεσσαλονίκην καὶ συνηντήθη μὲ στελέχη τοῦ κόμματος. ΣΥΝ.: Ποῖος τὸν εἶδε; ΜΑΡ.: Ὑπάρχουν καταθέσεις.

ΠΕΡΙ ΤΟΝ ΚΕ ΚΑΙ ΤΗΣ ΕΔΑ

ΣΥΝΗΓ.: Μὲ ποῖα στοιχεῖα ὑποστηρίζετε ὅτι ἡ ΕΔΑ ἀποτελεῖ μέρος τοῦ ΚΚΕ; ΜΑΡ.: Μὲ τὰ στοιχεῖα τῆς ὑπηρεσίας. ΣΥΝ.: Ἡ ΕΔΑ εἶναι ἡ ἀξιωματικὴ ἀντιπολίτευσις.

ΕΠΙΤΡ.: Αὐτὸ δὲν ἀποκλείει τὰς σχέσεις της μὲ τὸ ΚΚΕ. ΣΥΝ.: Οὔτε τὰς ἀποδεικνύει. ΠΡ.: Παρακαλῶ νὰ ἀποφεύγωνται αἱ ἀντεγκλήσεις.

ΜΑΡ.: Ἐκ τῶν κατασχεθέντων ἐγγράφων προκύπτει ὅτι ἡ ΕΔΑ λαμβάνει ὁδηγίας. ΣΥΝ.: Ποῖα εἶναι αὐτὰ τὰ ἔγγραφα; Νὰ ἐπιδειχθοῦν.

ΠΡΟΕΔΡΟΣ: Θὰ ἐπιδειχθοῦν. ΣΥΝ.: Πότε; Ἡ ὑπεράσπισις ἀναμένει ἀπὸ τῆς ἐνάρξεως τῆς δίκης.

ΗΛΙΟΥ: Εἶναι ἀδιανόητον νὰ δικάζωνται ἄνθρωποι βάσει ἐγγράφων τὰ ὁποῖα δὲν ἔχουν ἐπιδειχθῇ. ΠΡ.: Θὰ σᾶς δοθῇ ὁ λόγος εἰς τὸ τέλος.

ΜΑΡ.: Ἐπαναλαμβάνω ὅτι τὰ ἔγγραφα εὑρίσκονται εἰς τὴν δικογραφίαν. ΣΥΝ.: Ἡ δικογραφία εἶναι ἀπρόσιτος εἰς ἡμᾶς.

ΕΠΙΤΡ.: Αὐτὸ δὲν εἶναι ἀληθές. ΣΥΝ.: Εἶναι ἀπολύτως ἀληθές. ΠΡ.: Ἡσυχία.

ΘΕΟΤΟΚΑΤΟΣ: Κύριε πρόεδρε, ζητῶ νὰ διευκρινισθῇ ἡ θέσις τῆς ὑπερασπίσεως. ΠΡ.: Θὰ διευκρινισθῇ.

ΜΑΡ.: Αἱ ὁδηγίαι ἐδίδοντο διὰ τοῦ ραδιοφωνικοῦ σταθμοῦ «Ἐλευθέρα Ἑλλάς». ΣΥΝ.: Ὁ σταθμὸς αὐτὸς ἀκούεται ἀπὸ ὅλους.

ΚΟΥΤΡΟΥΚΗΣ: Ἐπειδὴ ὁ μάρτυς ἀναφέρει τὸ ὄνομά μου, ζητῶ νὰ δηλώσω ὅτι οὐδέποτε ἀνῆκον εἰς τὸ ΚΚΕ. ΠΡ.: Θὰ ἔχετε τὴν εὐκαιρίαν.

ΜΑΡΤΥΣ: Ὁ Κουτρούκης ἦτο μέλος τῆς ὀργανώσεως τοῦ Πειραιῶς. ΣΥΝ.: Ὑπάρχει ἀπόδειξις; ΜΑΡ.: Ὑπάρχει κατάθεσις.

ΜΑΡΤΥΣ: Δὲν θυμοῦμαι ἀκριβῶς τὴν ἡμερομηνίαν. ΣΥΝ.: Ὁ μάρτυς δὲν θυμᾶται, ἀλλὰ κατηγορεῖ.

ΚΟΥΤΡΟΥΚΗΣ: Κατὰ τὴν κατοχὴν ἠγωνίσθην κατὰ τῶν Γερμανῶν. ΠΡΟΕΔΡΟΣ: Αὐτὸ δὲν ἀμφισβητεῖται.

ΜΑΡΤΥΣ: Μετὰ τὸ 1950 ὁ κατηγορούμενος ἀνέλαβε τὴν καθοδήγησιν τῶν συνδικαλιστικῶν ὀργανώσεων. ΣΥΝ.: Τὸ συνδικαλιστικὸν κίνημα εἶναι νόμιμον.

ΤΣΑΚΙΡΗΣ: Πόσα χρόνια ἐκρατήθην εἰς τὰς φυλακάς; ΜΑΡ.: Δὲν γνωρίζω. ΤΣΑΚ.: Δώδεκα ἔτη. Καὶ τώρα μὲ κατηγορεῖτε πάλιν.

ΜΑΡΤΥΣ: Μετὰ τὴν ἀποφυλάκισίν του ἐπανῆλθεν εἰς τὴν δρᾶσιν. ΣΥΝ.: Ποίαν δρᾶσιν; ΜΑΡ.: Παράνομον.

ΒΑΡΒΑΚΗΣ: Ἐρωτῶ διατί δὲν ἀναφέρεται τίποτε διὰ τὴν ἐθνικὴν ἀντίστασιν. ΠΡΟΕΔΡΟΣ: Δὲν ἀποτελεῖ ἀντικείμενον.

ΜΑΡΤΥΣ: Οἱ κατηγορούμενοι ἐχρησιμοποίουν ψευδώνυμα. ΣΥΝ.: Ὅλοι; ΜΑΡ.: Οἱ περισσότεροι.

ΚΑΤΗΓ.: Εἴμεθα Ἕλληνες πατριῶται καὶ δὲν φοβούμεθα τὴν κρίσιν τοῦ λαοῦ. ΠΡΟΕΔΡΟΣ: Καθίσατε.

ΠΡΟΕΔΡΟΣ: Ἀπαγορεύω τὰς ἐκδηλώσεις. Ἡ συνεδρίασις θὰ διακοπῇ ἐὰν ἐπαναληφθοῦν.

ΚΑΤΗΓ.: Θὰ σεβασθῶμεν τὸ δικαστήριον, ἀλλὰ ζητοῦμεν δικαιοσύνην. ΠΡΟΕΔΡΟΣ: Αὐτὴ θὰ ἀπονεμηθῇ.

ΠΡΟΕΔΡΟΣ: Ἡ συνεδρίασις συνεχίζεται μὲ τὴν ἐξέτασιν τοῦ δευτέρου μάρτυρος κατηγορίας.

Ο ΔΕΥΤΕΡΟΣ ΜΑΡΤΥΣ

Ἐκαλέσθη ἀκολούθως ὁ δεύτερος μάρτυς κατηγορίας, ἀξιωματικὸς τῆς Ἀσφαλείας, ὁ ὁποῖος ἐπεβεβαίωσε τὰς καταθέσεις τοῦ κ. Ρακιτζῆ ὡς πρὸς τὴν ὀργάνωσιν τοῦ παρανόμου μηχανισμοῦ.

Ὁ μάρτυς ἀνεφέρθη εἰς τὴν σύλληψιν τοῦ Μπελογιάννη καὶ τῶν συνεργατῶν του, ὡς καὶ εἰς τὴν ἀνακάλυψιν τῶν ἀσυρμάτων σταθμῶν εἰς τὴν περιοχὴν τῆς Καλλιθέας καὶ τῆς Γλυφάδας.

ΣΥΝ.: Ἐλάβατε μέρος εἰς τὰς συλλήψεις; ΜΑΡ.: Ναί. ΣΥΝ.: Ἐχρησιμοποιήθη βία; ΜΑΡ.: Ὄχι. ΣΥΝ.: Οἱ κατηγορούμενοι ἰσχυρίζονται τὸ ἀντίθετον.

ΕΠΙΤΡ.: Ἡ ὑπεράσπισις ἐπανέρχεται συνεχῶς εἰς τὸ ζήτημα αὐτό. ΣΥΝ.: Διότι εἶναι σοβαρόν.

Ὁ μάρτυς ἀνέφερε ἐπίσης ὅτι κατεσχέθησαν πλῆθος ἐγγράφων καὶ κρυπτογραφημάτων εἰς διαφόρους κρυψῶνας.

ΔΙΑΜΑΡΤΥΡΙΑ ΣΥΝΗΓΟΡΩΝ

Εἰς τὸ σημεῖον αὐτὸ διὰ τοῦ λόγου ἐζήτησαν οἱ συνήγοροι, οἱ ὁποῖοι διεμαρτυρήθησαν διότι δὲν ἐπιτρέπεται εἰς αὐτοὺς νὰ λάβουν γνῶσιν τῶν ἐγγράφων τῆς δικογραφίας.

ΣΥΝ.: Κύριε πρόεδρε, ἡ ὑπεράσπισις δὲν δύναται νὰ ἐκπληρώσῃ τὸ καθῆκόν της ὑπὸ αὐτὰς τὰς συνθήκας. Ζητοῦμεν τὴν ἀναβολὴν τῆς δίκης.

ΕΠΙΤΡ.: Ἡ αἴτησις εἶναι καταχρηστικὴ καὶ ἀποσκοπεῖ εἰς τὴν παρέλκυσιν. ΣΥΝ.: Ἀποσκοπεῖ εἰς τὴν ἀπονομὴν δικαιοσύνης.

ΠΡΟΕΔΡΟΣ: Τὸ δικαστήριον θὰ ἀποφανθῇ ἐπὶ τῆς αἰτήσεως. ΜΑΝΟΥΣΑΚΑΣ: Εἴμεθα ἀθῶοι.

Κατόπιν τούτου ἡ συνεδρίασις διεκόπη διὰ νὰ συνεχισθῇ τὴν ἑπομένην ἡμέραν, ὁπότε θὰ ἐξετασθοῦν καὶ οἱ ὑπόλοιποι μάρτυρες.

ΠΡ.: Ἡ συνέχεια τῆς δίκης ὁρίζεται διὰ τὴν αὔριον.
